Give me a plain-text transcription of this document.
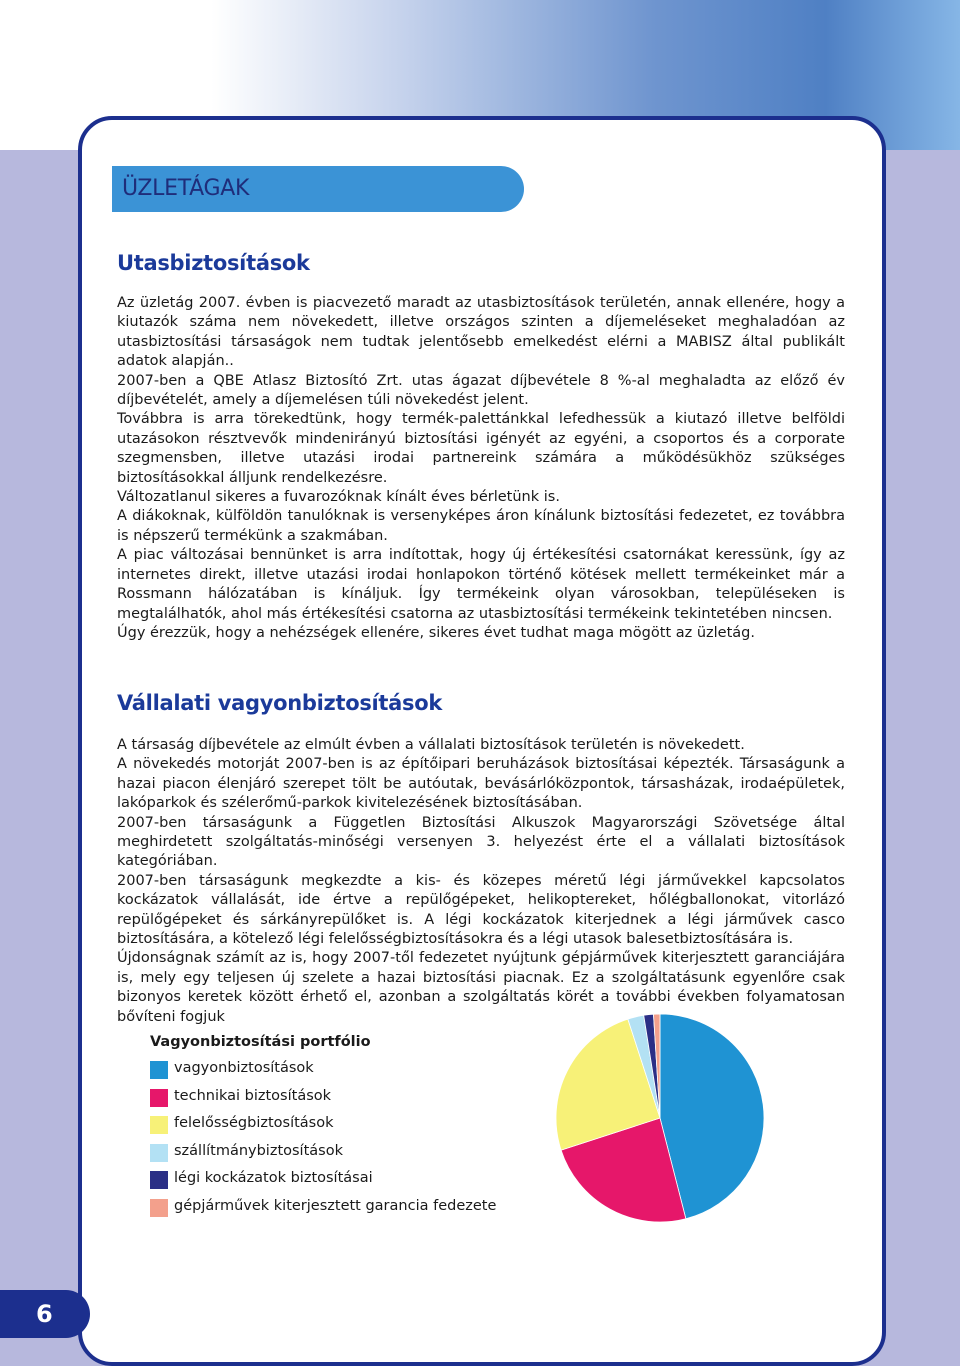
ÜZLETÁGAK
Utasbiztosítások

Az üzletág 2007. évben is piacvezető maradt az utasbiztosítások területén, annak ellenére, hogy a kiutazók száma nem növekedett, illetve országos szinten a díjemeléseket meghaladóan az utasbiztosítási társaságok nem tudtak jelentősebb emelkedést elérni a MABISZ által publikált adatok alapján..

2007-ben a QBE Atlasz Biztosító Zrt. utas ágazat díjbevétele 8 %-al meghaladta az előző év díjbevételét, amely a díjemelésen túli növekedést jelent.

Továbbra is arra törekedtünk, hogy termék-palettánkkal lefedhessük a kiutazó illetve belföldi utazásokon résztvevők mindenirányú biztosítási igényét az egyéni, a csoportos és a corporate szegmensben, illetve utazási irodai partnereink számára a működésükhöz szükséges biztosításokkal álljunk rendelkezésre.

Változatlanul sikeres a fuvarozóknak kínált éves bérletünk is.

A diákoknak, külföldön tanulóknak is versenyképes áron kínálunk biztosítási fedezetet, ez továbbra is népszerű termékünk a szakmában.

A piac változásai bennünket is arra indítottak, hogy új értékesítési csatornákat keressünk, így az internetes direkt, illetve utazási irodai honlapokon történő kötések mellett termékeinket már a Rossmann hálózatában is kínáljuk. Így termékeink olyan városokban, településeken is megtalálhatók, ahol más értékesítési csatorna az utasbiztosítási termékeink tekintetében nincsen.

Úgy érezzük, hogy a nehézségek ellenére, sikeres évet tudhat maga mögött az üzletág.

Vállalati vagyonbiztosítások

A társaság díjbevétele az elmúlt évben a vállalati biztosítások területén is növekedett.

A növekedés motorját 2007-ben is az építőipari beruházások biztosításai képezték. Társaságunk a hazai piacon élenjáró szerepet tölt be autóutak, bevásárlóközpontok, társasházak, irodaépületek, lakóparkok és szélerőmű-parkok kivitelezésének biztosításában.

2007-ben társaságunk a Független Biztosítási Alkuszok Magyarországi Szövetsége által meghirdetett szolgáltatás-minőségi versenyen 3. helyezést érte el a vállalati biztosítások kategóriában.

2007-ben társaságunk megkezdte a kis- és közepes méretű légi járművekkel kapcsolatos kockázatok vállalását, ide értve a repülőgépeket, helikoptereket, hőlégballonokat, vitorlázó repülőgépeket és sárkányrepülőket is. A légi kockázatok kiterjednek a légi járművek casco biztosítására, a kötelező légi felelősségbiztosításokra és a légi utasok balesetbiztosítására is.

Újdonságnak számít az is, hogy 2007-től fedezetet nyújtunk gépjárművek kiterjesztett garanciájára is, mely egy teljesen új szelete a hazai biztosítási piacnak. Ez a szolgáltatásunk egyenlőre csak bizonyos keretek között érhető el, azonban a szolgáltatás körét a további években folyamatosan bővíteni fogjuk

Vagyonbiztosítási portfólio
vagyonbiztosítások
technikai biztosítások
felelősségbiztosítások
szállítmánybiztosítások
légi kockázatok biztosításai
gépjárművek kiterjesztett garancia fedezete
6
